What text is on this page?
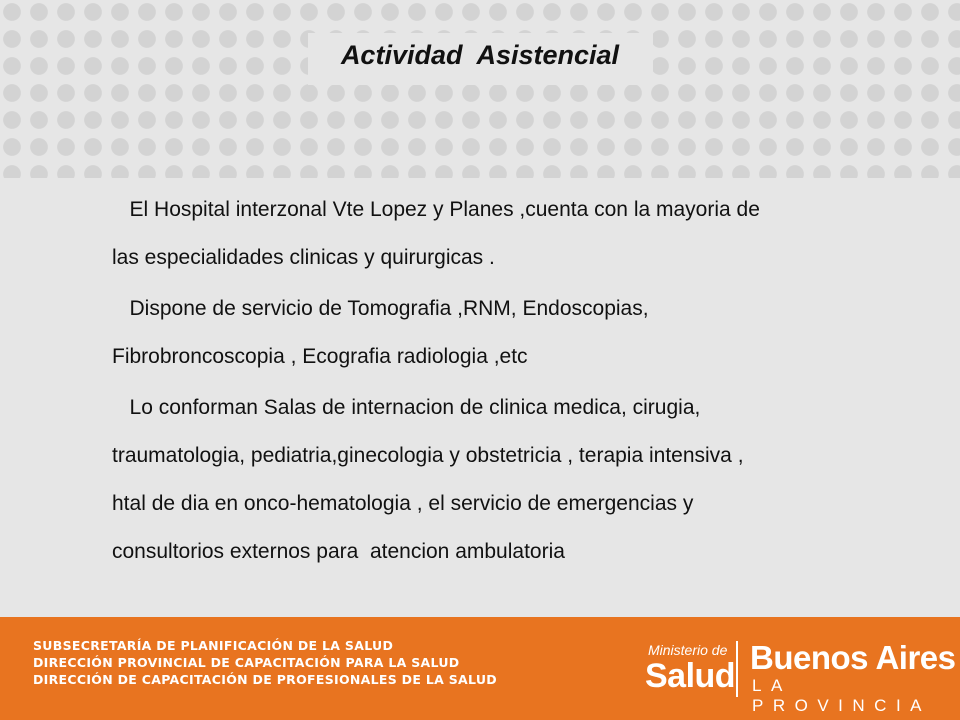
Actividad  Asistencial

El Hospital interzonal Vte Lopez y Planes ,cuenta con la mayoria de
las especialidades clinicas y quirurgicas .

Dispone de servicio de Tomografia ,RNM, Endoscopias,
Fibrobroncoscopia , Ecografia radiologia ,etc

Lo conforman Salas de internacion de clinica medica, cirugia,
traumatologia, pediatria,ginecologia y obstetricia , terapia intensiva ,
htal de dia en onco-hematologia , el servicio de emergencias y
consultorios externos para  atencion ambulatoria

SUBSECRETARÍA DE PLANIFICACIÓN DE LA SALUD
DIRECCIÓN PROVINCIAL DE CAPACITACIÓN PARA LA SALUD
DIRECCIÓN DE CAPACITACIÓN DE PROFESIONALES DE LA SALUD
Ministerio de
Salud Buenos Aires
LA PROVINCIA
